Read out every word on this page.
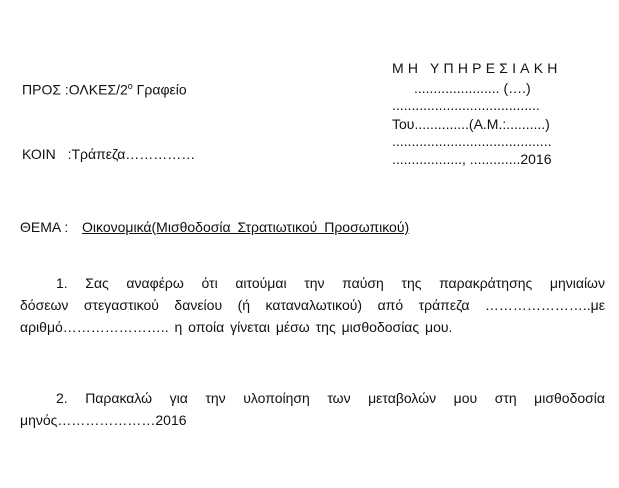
ΠΡΟΣ $:O\Lambda KE\Sigma/2^o$ Γραφείο
ΚΟΙΝ :Τράπεζα……………
ΜΗ ΥΠΗΡΕΣΙΑΚΗ
...................... (….)
......................................
Του..............(Α.Μ.:..........)
.........................................
.................., .............2016
ΘΕΜΑ : Οικονομικά(Μισθοδοσία Στρατιωτικού Προσωπικού)
1. Σας αναφέρω ότι αιτούμαι την παύση της παρακράτησης μηνιαίων
δόσεων στεγαστικού δανείου (ή καταναλωτικού) από τράπεζα …………………..με
αριθμό………………….. η οποία γίνεται μέσω της μισθοδοσίας μου.
2. Παρακαλώ για την υλοποίηση των μεταβολών μου στη μισθοδοσία
μηνός…………………2016
